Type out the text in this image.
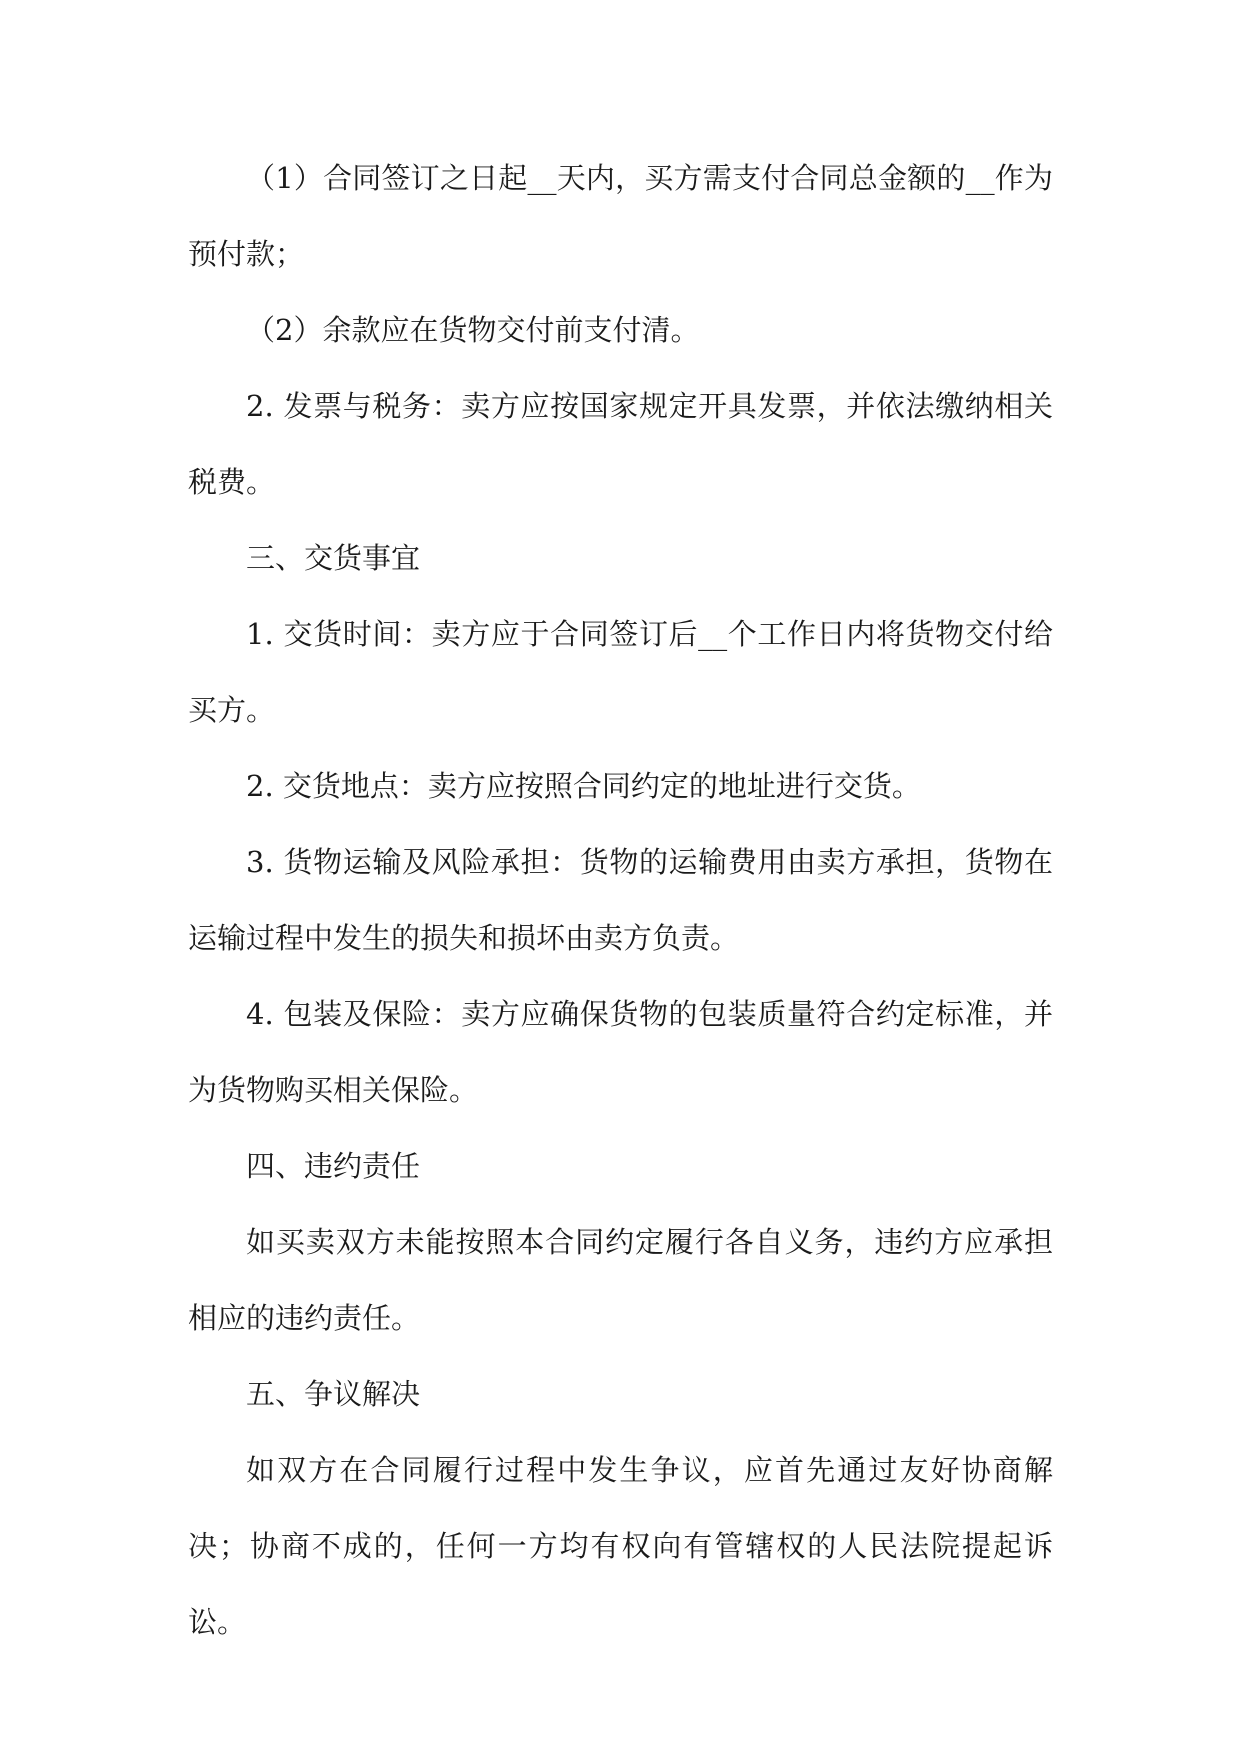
（1）合同签订之日起__天内，买方需支付合同总金额的__作为预付款；

（2）余款应在货物交付前支付清。

2. 发票与税务：卖方应按国家规定开具发票，并依法缴纳相关税费。

三、交货事宜

1. 交货时间：卖方应于合同签订后__个工作日内将货物交付给买方。

2. 交货地点：卖方应按照合同约定的地址进行交货。

3. 货物运输及风险承担：货物的运输费用由卖方承担，货物在运输过程中发生的损失和损坏由卖方负责。

4. 包装及保险：卖方应确保货物的包装质量符合约定标准，并为货物购买相关保险。

四、违约责任

如买卖双方未能按照本合同约定履行各自义务，违约方应承担相应的违约责任。

五、争议解决

如双方在合同履行过程中发生争议，应首先通过友好协商解决；协商不成的，任何一方均有权向有管辖权的人民法院提起诉讼。
